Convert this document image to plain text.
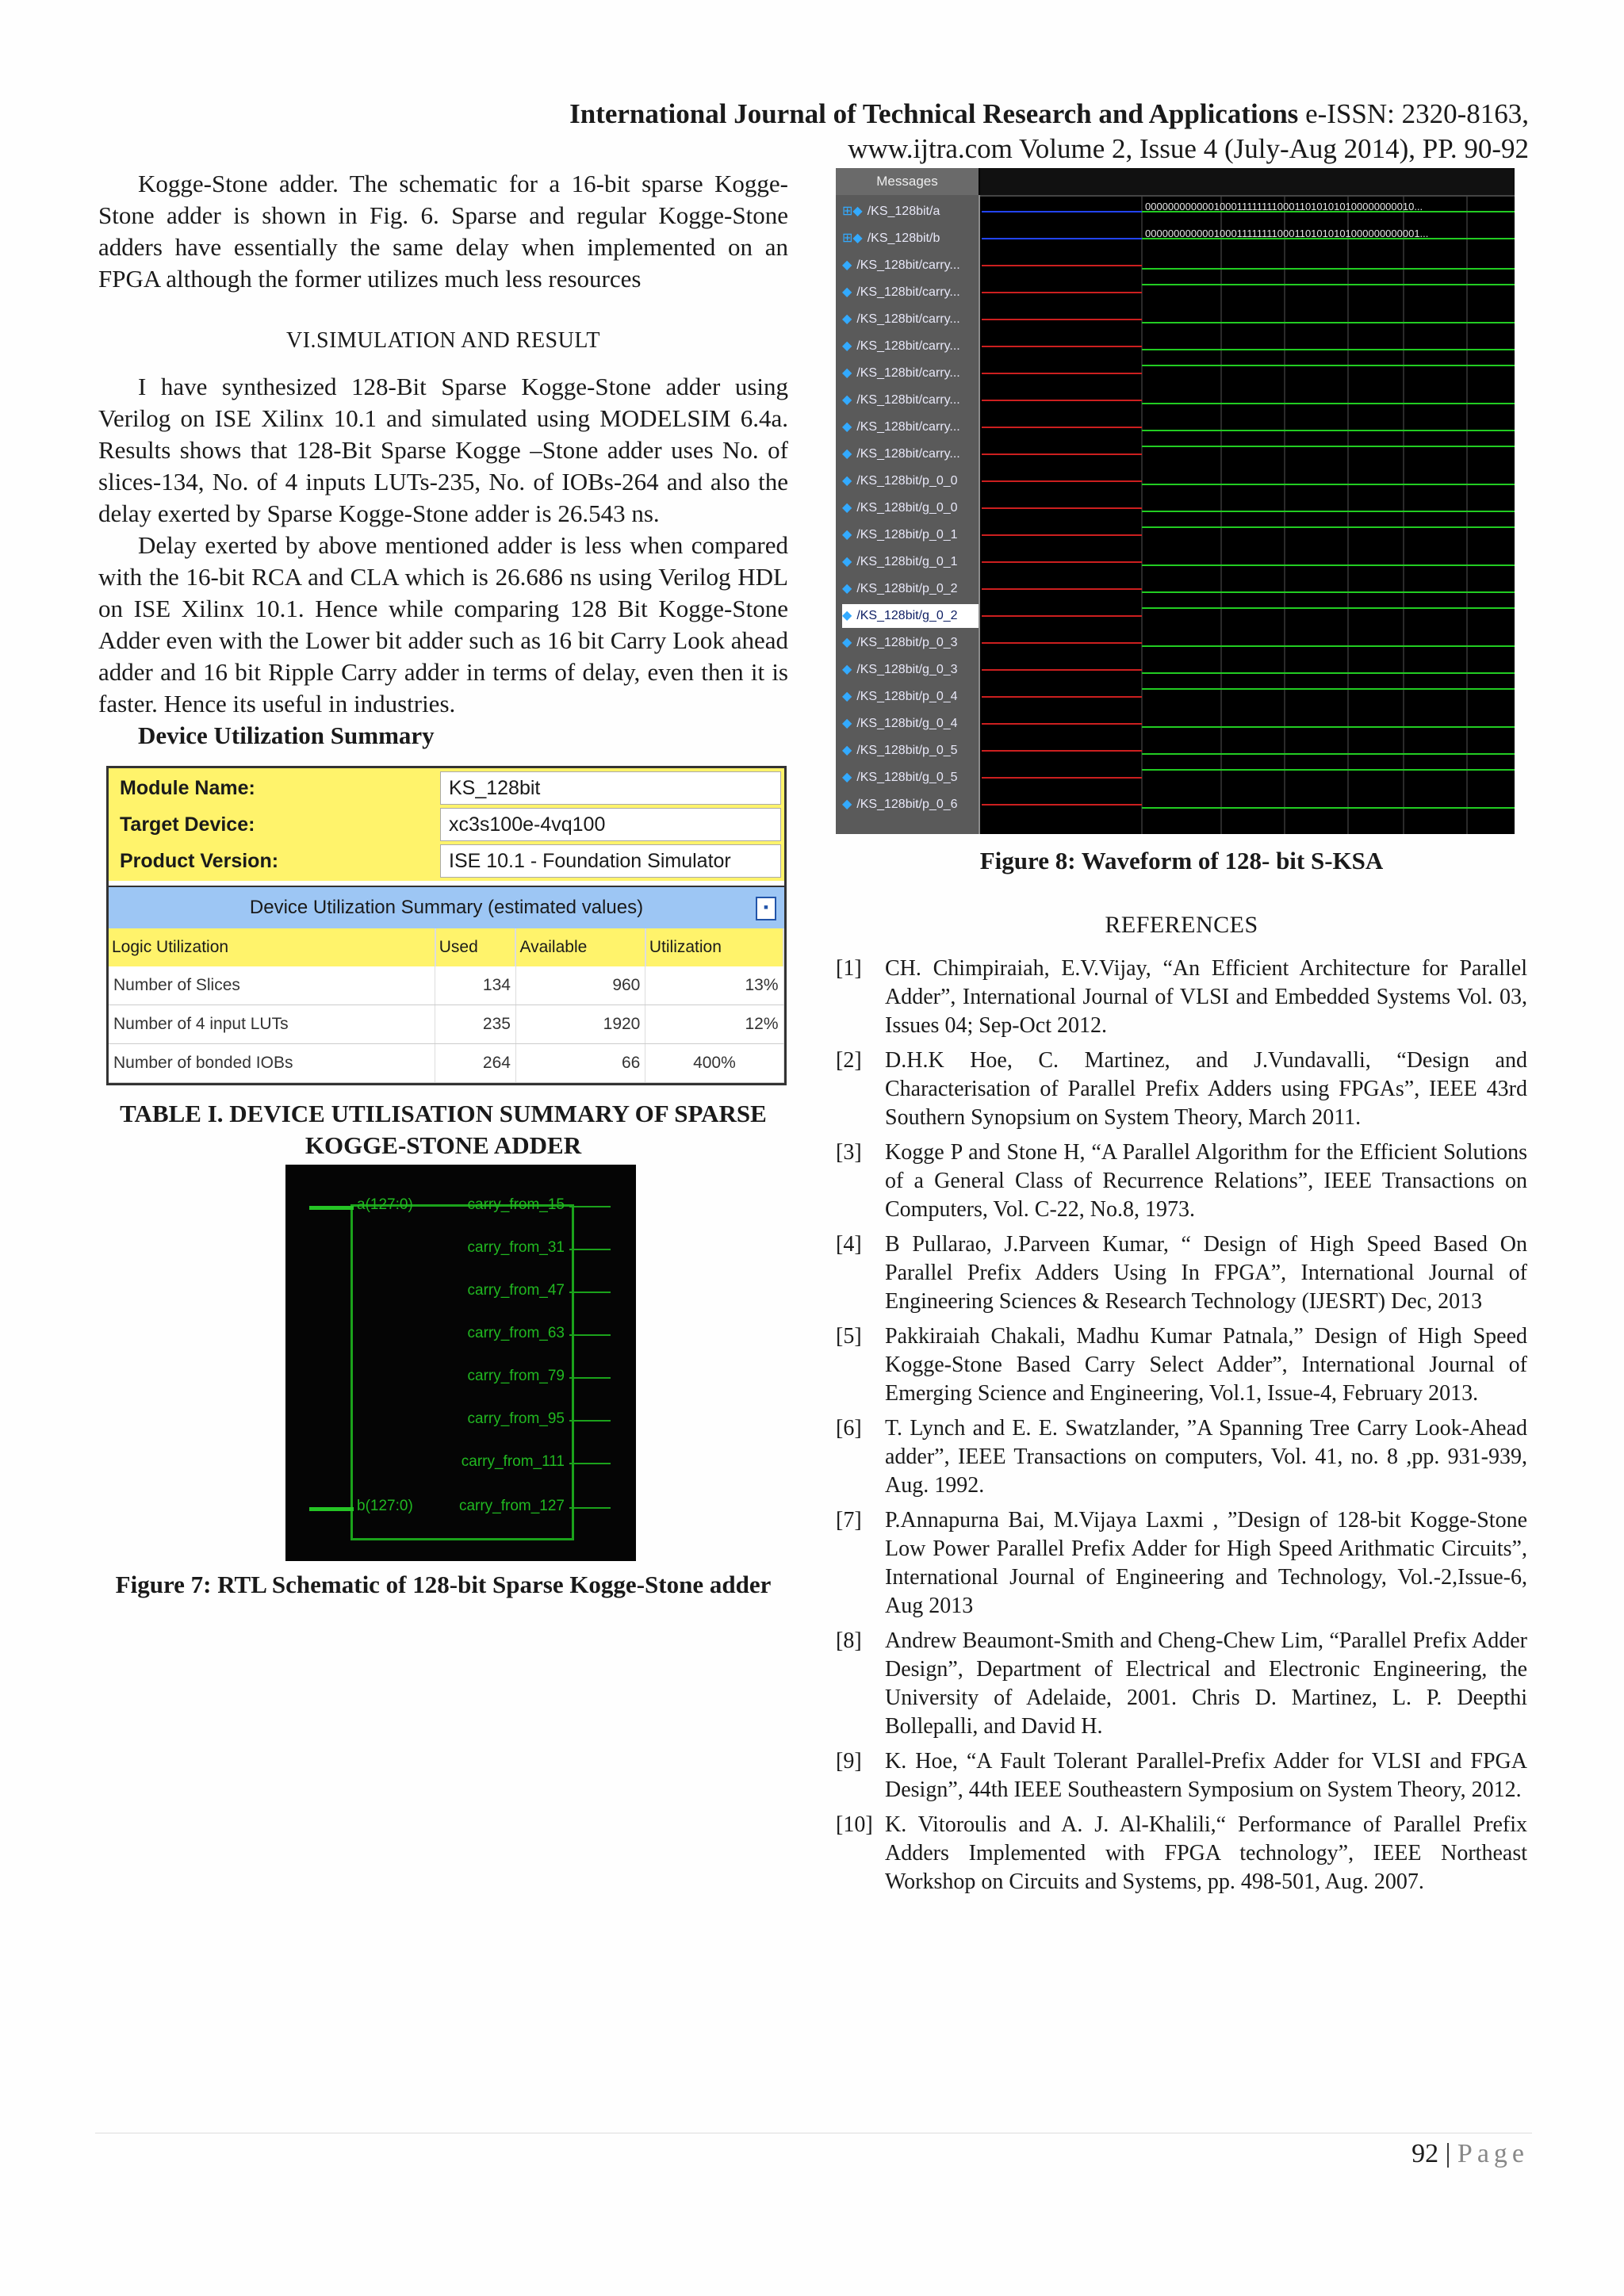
International Journal of Technical Research and Applications e-ISSN: 2320-8163,
www.ijtra.com Volume 2, Issue 4 (July-Aug 2014), PP. 90-92

Kogge-Stone adder. The schematic for a 16-bit sparse Kogge-Stone adder is shown in Fig. 6. Sparse and regular Kogge-Stone adders have essentially the same delay when implemented on an FPGA although the former utilizes much less resources

VI.SIMULATION AND RESULT

I have synthesized 128-Bit Sparse Kogge-Stone adder using Verilog on ISE Xilinx 10.1 and simulated using MODELSIM 6.4a. Results shows that 128-Bit Sparse Kogge –Stone adder uses No. of slices-134, No. of 4 inputs LUTs-235, No. of IOBs-264 and also the delay exerted by Sparse Kogge-Stone adder is 26.543 ns.

Delay exerted by above mentioned adder is less when compared with the 16-bit RCA and CLA which is 26.686 ns using Verilog HDL on ISE Xilinx 10.1. Hence while comparing 128 Bit Kogge-Stone Adder even with the Lower bit adder such as 16 bit Carry Look ahead adder and 16 bit Ripple Carry adder in terms of delay, even then it is faster. Hence its useful in industries.

Device Utilization Summary
Module Name:	KS_128bit
Target Device:	xc3s100e-4vq100
Product Version:	ISE 10.1 - Foundation Simulator
Device Utilization Summary (estimated values)	▪
Logic Utilization	Used	Available	Utilization
Number of Slices	134	960	13%
Number of 4 input LUTs	235	1920	12%
Number of bonded IOBs	264	66	400%
TABLE I. DEVICE UTILISATION SUMMARY OF SPARSE KOGGE-STONE ADDER
a(127:0)
b(127:0)
carry_from_15
carry_from_31
carry_from_47
carry_from_63
carry_from_79
carry_from_95
carry_from_111
carry_from_127
Figure 7: RTL Schematic of 128-bit Sparse Kogge-Stone adder
Messages
⊞◆ /KS_128bit/a
⊞◆ /KS_128bit/b
◆ /KS_128bit/carry...
◆ /KS_128bit/carry...
◆ /KS_128bit/carry...
◆ /KS_128bit/carry...
◆ /KS_128bit/carry...
◆ /KS_128bit/carry...
◆ /KS_128bit/carry...
◆ /KS_128bit/carry...
◆ /KS_128bit/p_0_0
◆ /KS_128bit/g_0_0
◆ /KS_128bit/p_0_1
◆ /KS_128bit/g_0_1
◆ /KS_128bit/p_0_2
◆ /KS_128bit/g_0_2
◆ /KS_128bit/p_0_3
◆ /KS_128bit/g_0_3
◆ /KS_128bit/p_0_4
◆ /KS_128bit/g_0_4
◆ /KS_128bit/p_0_5
◆ /KS_128bit/g_0_5
◆ /KS_128bit/p_0_6
000000000000100011111111000110101010100000000010...
0000000000001000111111110001101010101000000000001...
Figure 8: Waveform of 128- bit S-KSA
REFERENCES
[1]	CH. Chimpiraiah, E.V.Vijay, “An Efficient Architecture for Parallel Adder”, International Journal of VLSI and Embedded Systems Vol. 03, Issues 04; Sep-Oct 2012.
[2]	D.H.K Hoe, C. Martinez, and J.Vundavalli, “Design and Characterisation of Parallel Prefix Adders using FPGAs”, IEEE 43rd Southern Synopsium on System Theory, March 2011.
[3]	Kogge P and Stone H, “A Parallel Algorithm for the Efficient Solutions of a General Class of Recurrence Relations”, IEEE Transactions on Computers, Vol. C-22, No.8, 1973.
[4]	B Pullarao, J.Parveen Kumar, “ Design of High Speed Based On Parallel Prefix Adders Using In FPGA”, International Journal of Engineering Sciences & Research Technology (IJESRT) Dec, 2013
[5]	Pakkiraiah Chakali, Madhu Kumar Patnala,” Design of High Speed Kogge-Stone Based Carry Select Adder”, International Journal of Emerging Science and Engineering, Vol.1, Issue-4, February 2013.
[6]	T. Lynch and E. E. Swatzlander, ”A Spanning Tree Carry Look-Ahead adder”, IEEE Transactions on computers, Vol. 41, no. 8 ,pp. 931-939, Aug. 1992.
[7]	P.Annapurna Bai, M.Vijaya Laxmi , ”Design of 128-bit Kogge-Stone Low Power Parallel Prefix Adder for High Speed Arithmatic Circuits”, International Journal of Engineering and Technology, Vol.-2,Issue-6, Aug 2013
[8]	Andrew Beaumont-Smith and Cheng-Chew Lim, “Parallel Prefix Adder Design”, Department of Electrical and Electronic Engineering, the University of Adelaide, 2001. Chris D. Martinez, L. P. Deepthi Bollepalli, and David H.
[9]	K. Hoe, “A Fault Tolerant Parallel-Prefix Adder for VLSI and FPGA Design”, 44th IEEE Southeastern Symposium on System Theory, 2012.
[10] K. Vitoroulis and A. J. Al-Khalili,“ Performance of Parallel Prefix Adders Implemented with FPGA technology”, IEEE Northeast Workshop on Circuits and Systems, pp. 498-501, Aug. 2007.
92 | Page
